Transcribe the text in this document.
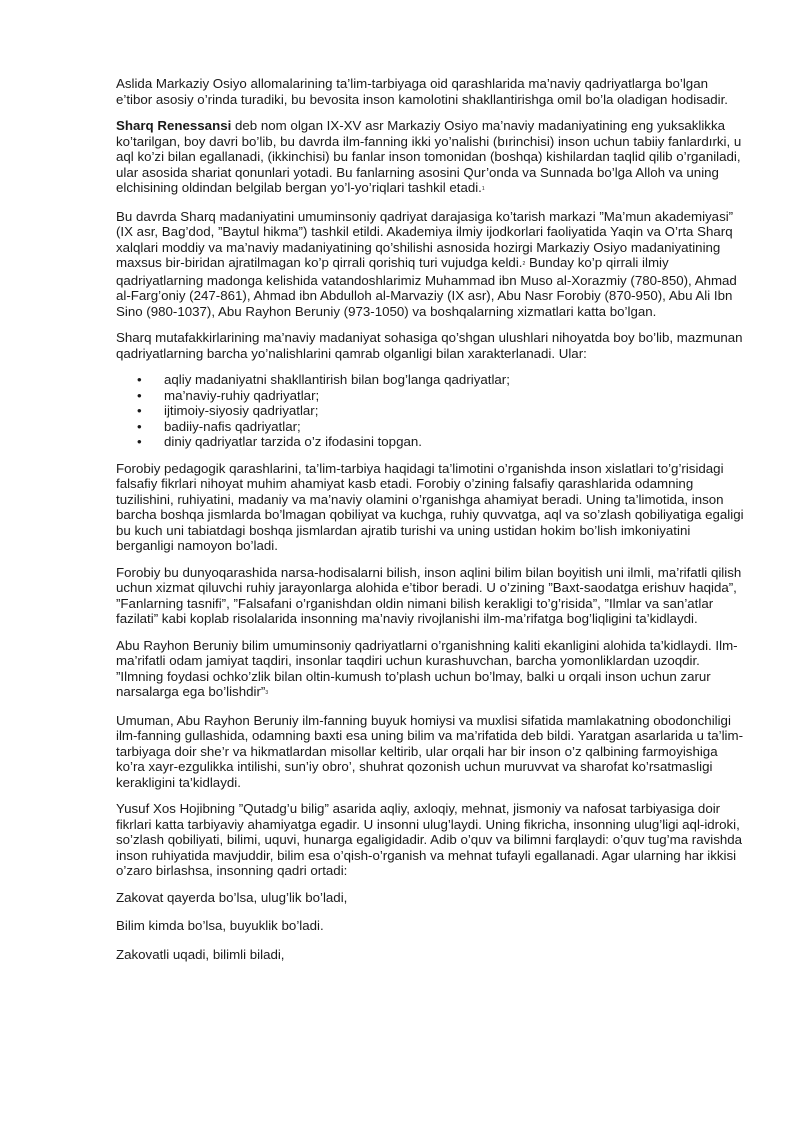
Aslida Markaziy Osiyo allomalarining ta’lim-tarbiyaga oid qarashlarida ma’naviy qadriyatlarga bo’lgan e’tibor asosiy o’rinda turadiki, bu bevosita inson kamolotini shakllantirishga omil bo’la oladigan hodisadir.

Sharq Renessansi deb nom olgan IX-XV asr Markaziy Osiyo ma’naviy madaniyatining eng yuksaklikka ko’tarilgan, boy davri bo’lib, bu davrda ilm-fanning ikki yo’nalishi (bırinchisi) inson uchun tabiiy fanlardırki, u aql ko’zi bilan egallanadi, (ikkinchisi) bu fanlar inson tomonidan (boshqa) kishilardan taqlid qilib o’rganiladi, ular asosida shariat qonunlari yotadi. Bu fanlarning asosini Qur’onda va Sunnada bo’lga Alloh va uning elchisining oldindan belgilab bergan yo’l-yo’riqlari tashkil etadi.$^1$

Bu davrda Sharq madaniyatini umuminsoniy qadriyat darajasiga ko’tarish markazi ”Ma’mun akademiyasi” (IX asr, Bag’dod, ”Baytul hikma”) tashkil etildi. Akademiya ilmiy ijodkorlari faoliyatida Yaqin va O’rta Sharq xalqlari moddiy va ma’naviy madaniyatining qo’shilishi asnosida hozirgi Markaziy Osiyo madaniyatining maxsus bir-biridan ajratilmagan ko’p qirrali qorishiq turi vujudga keldi.$^2$ Bunday ko’p qirrali ilmiy qadriyatlarning madonga kelishida vatandoshlarimiz Muhammad ibn Muso al-Xorazmiy (780-850), Ahmad al-Farg’oniy (247-861), Ahmad ibn Abdulloh al-Marvaziy (IX asr), Abu Nasr Forobiy (870-950), Abu Ali Ibn Sino (980-1037), Abu Rayhon Beruniy (973-1050) va boshqalarning xizmatlari katta bo’lgan.

Sharq mutafakkirlarining ma’naviy madaniyat sohasiga qo’shgan ulushlari nihoyatda boy bo’lib, mazmunan qadriyatlarning barcha yo’nalishlarini qamrab olganligi bilan xarakterlanadi. Ular:

• aqliy madaniyatni shakllantirish bilan bog’langa qadriyatlar;
• ma’naviy-ruhiy qadriyatlar;
• ijtimoiy-siyosiy qadriyatlar;
• badiiy-nafis qadriyatlar;
• diniy qadriyatlar tarzida o’z ifodasini topgan.

Forobiy pedagogik qarashlarini, ta’lim-tarbiya haqidagi ta’limotini o’rganishda inson xislatlari to’g’risidagi falsafiy fikrlari nihoyat muhim ahamiyat kasb etadi. Forobiy o’zining falsafiy qarashlarida odamning tuzilishini, ruhiyatini, madaniy va ma’naviy olamini o’rganishga ahamiyat beradi. Uning ta’limotida, inson barcha boshqa jismlarda bo’lmagan qobiliyat va kuchga, ruhiy quvvatga, aql va so’zlash qobiliyatiga egaligi bu kuch uni tabiatdagi boshqa jismlardan ajratib turishi va uning ustidan hokim bo’lish imkoniyatini berganligi namoyon bo’ladi.

Forobiy bu dunyoqarashida narsa-hodisalarni bilish, inson aqlini bilim bilan boyitish uni ilmli, ma’rifatli qilish uchun xizmat qiluvchi ruhiy jarayonlarga alohida e’tibor beradi. U o’zining ”Baxt-saodatga erishuv haqida”, ”Fanlarning tasnifi”, ”Falsafani o’rganishdan oldin nimani bilish kerakligi to’g’risida”, ”Ilmlar va san’atlar fazilati” kabi koplab risolalarida insonning ma’naviy rivojlanishi ilm-ma’rifatga bog’liqligini ta’kidlaydi.

Abu Rayhon Beruniy bilim umuminsoniy qadriyatlarni o’rganishning kaliti ekanligini alohida ta’kidlaydi. Ilm-ma’rifatli odam jamiyat taqdiri, insonlar taqdiri uchun kurashuvchan, barcha yomonliklardan uzoqdir. ”Ilmning foydasi ochko’zlik bilan oltin-kumush to’plash uchun bo’lmay, balki u orqali inson uchun zarur narsalarga ega bo’lishdir”$^3$

Umuman, Abu Rayhon Beruniy ilm-fanning buyuk homiysi va muxlisi sifatida mamlakatning obodonchiligi ilm-fanning gullashida, odamning baxti esa uning bilim va ma’rifatida deb bildi. Yaratgan asarlarida u ta’lim-tarbiyaga doir she’r va hikmatlardan misollar keltirib, ular orqali har bir inson o’z qalbining farmoyishiga ko’ra xayr-ezgulikka intilishi, sun’iy obro’, shuhrat qozonish uchun muruvvat va sharofat ko’rsatmasligi kerakligini ta’kidlaydi.

Yusuf Xos Hojibning ”Qutadg’u bilig” asarida aqliy, axloqiy, mehnat, jismoniy va nafosat tarbiyasiga doir fikrlari katta tarbiyaviy ahamiyatga egadir. U insonni ulug’laydi. Uning fikricha, insonning ulug’ligi aql-idroki, so’zlash qobiliyati, bilimi, uquvi, hunarga egaligidadir. Adib o’quv va bilimni farqlaydi: o’quv tug’ma ravishda inson ruhiyatida mavjuddir, bilim esa o’qish-o’rganish va mehnat tufayli egallanadi. Agar ularning har ikkisi o’zaro birlashsa, insonning qadri ortadi:

Zakovat qayerda bo’lsa, ulug’lik bo’ladi,

Bilim kimda bo’lsa, buyuklik bo’ladi.

Zakovatli uqadi, bilimli biladi,
